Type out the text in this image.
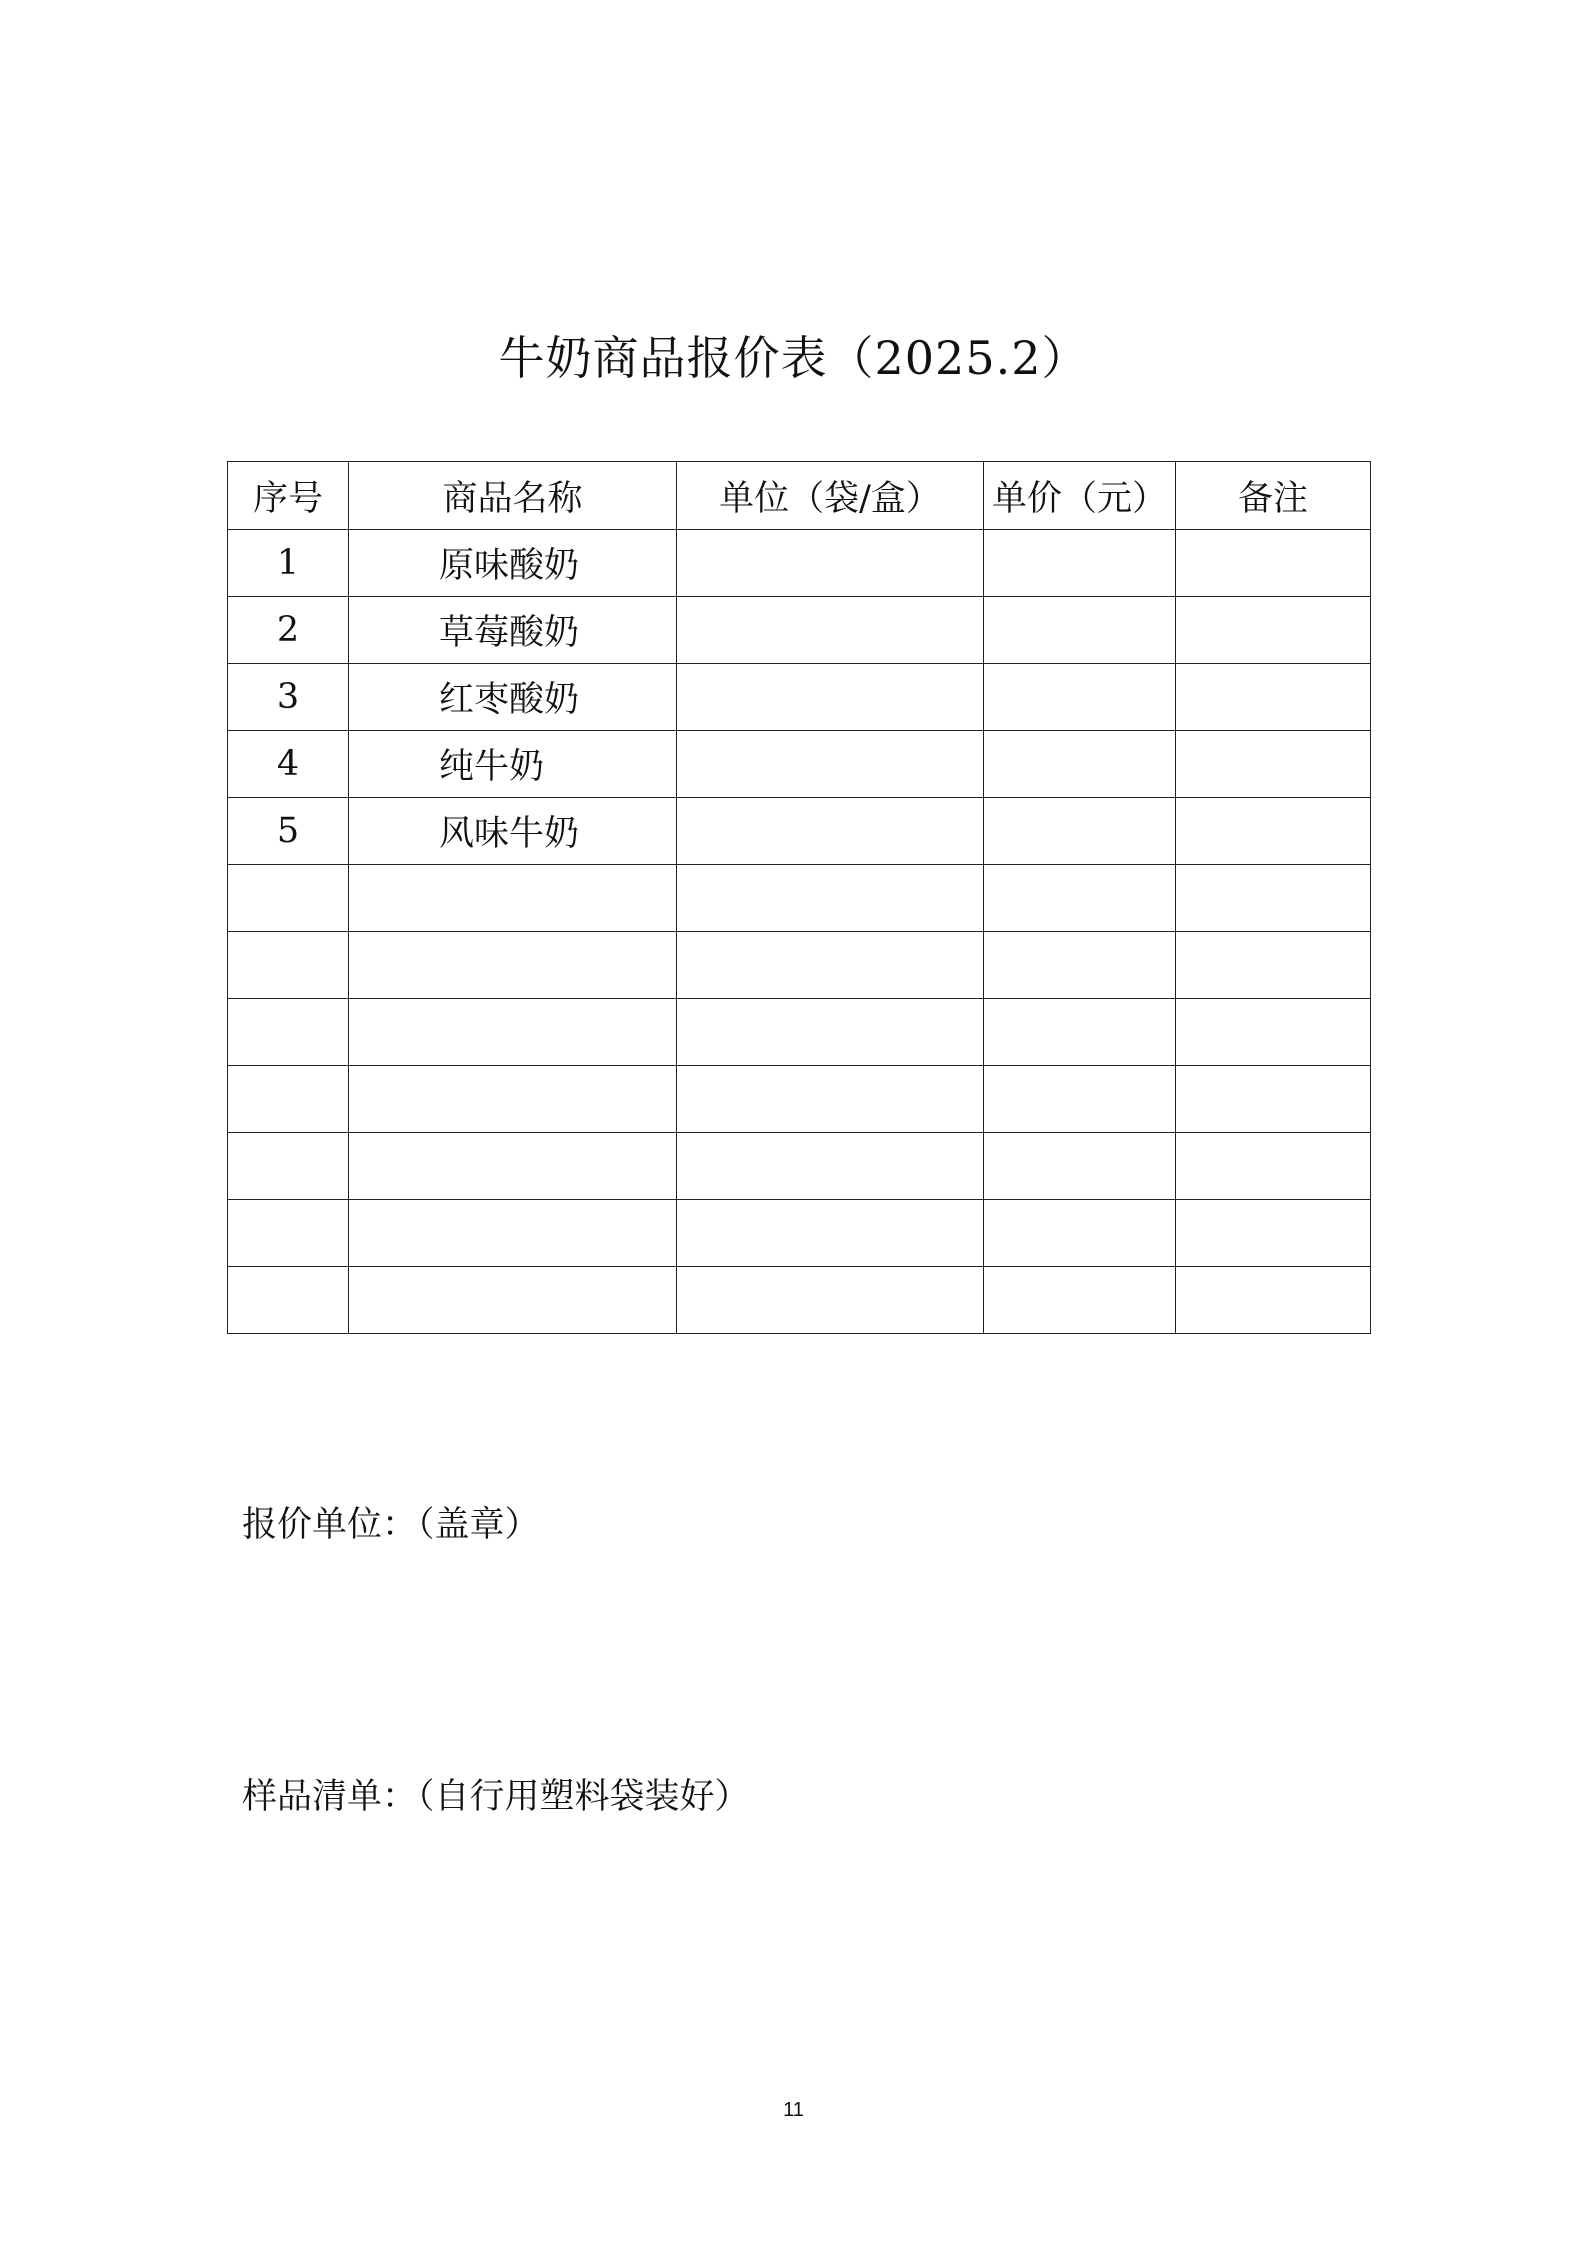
牛奶商品报价表（2025.2）
序号	商品名称	单位（袋/盒）	单价（元）	备注
1	原味酸奶			
2	草莓酸奶			
3	红枣酸奶			
4	纯牛奶			
5	风味牛奶			

报价单位：（盖章）
样品清单：（自行用塑料袋装好）
11
